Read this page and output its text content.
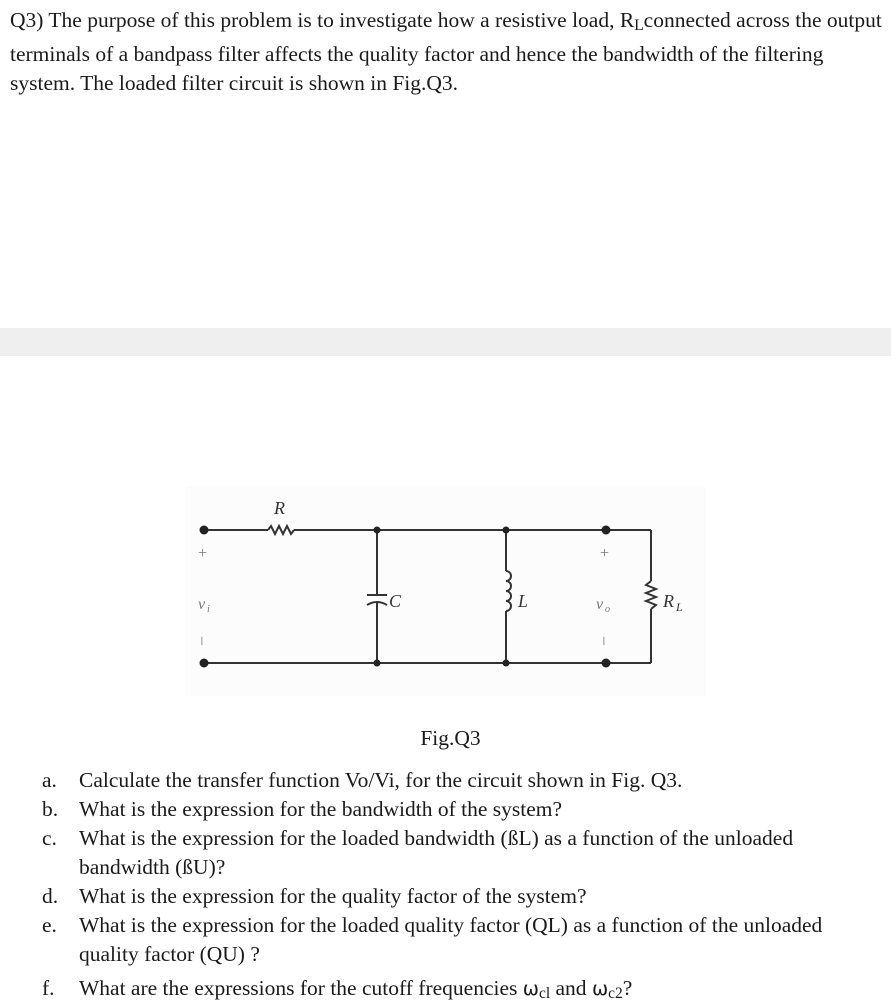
Q3) The purpose of this problem is to investigate how a resistive load, RLconnected across the output terminals of a bandpass filter affects the quality factor and hence the bandwidth of the filtering system. The loaded filter circuit is shown in Fig.Q3.

R
C	L	R L
+
v i
–
+
v o
–

Fig.Q3

a. Calculate the transfer function Vo/Vi, for the circuit shown in Fig. Q3.
b. What is the expression for the bandwidth of the system?
c. What is the expression for the loaded bandwidth (ßL) as a function of the unloaded
bandwidth (ßU)?
d. What is the expression for the quality factor of the system?
e. What is the expression for the loaded quality factor (QL) as a function of the unloaded
quality factor (QU) ?
f. What are the expressions for the cutoff frequencies ωcl and ωc2?
